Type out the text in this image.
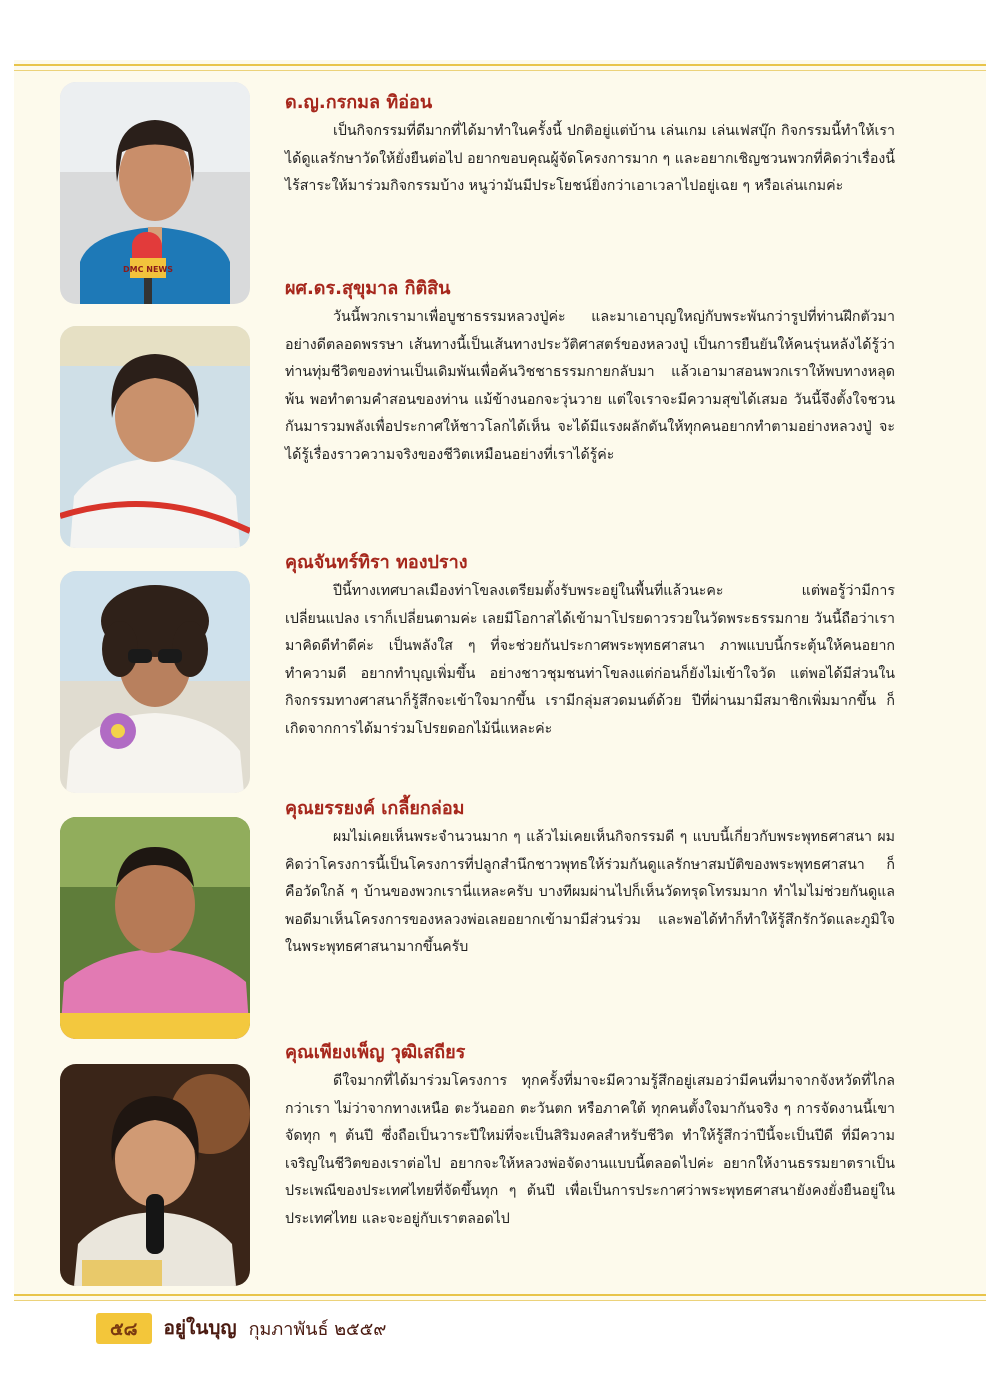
DMC NEWS

ด.ญ.กรกมล ทิอ่อน

เป็นกิจกรรมที่ดีมากที่ได้มาทำในครั้งนี้ ปกติอยู่แต่บ้าน เล่นเกม เล่นเฟสบุ๊ก กิจกรรมนี้ทำให้เราได้ดูแลรักษาวัดให้ยั่งยืนต่อไป อยากขอบคุณผู้จัดโครงการมาก ๆ และอยากเชิญชวนพวกที่คิดว่าเรื่องนี้ไร้สาระให้มาร่วมกิจกรรมบ้าง หนูว่ามันมีประโยชน์ยิ่งกว่าเอาเวลาไปอยู่เฉย ๆ หรือเล่นเกมค่ะ

ผศ.ดร.สุขุมาล กิติสิน

วันนี้พวกเรามาเพื่อบูชาธรรมหลวงปู่ค่ะ และมาเอาบุญใหญ่กับพระพันกว่ารูปที่ท่านฝึกตัวมาอย่างดีตลอดพรรษา เส้นทางนี้เป็นเส้นทางประวัติศาสตร์ของหลวงปู่ เป็นการยืนยันให้คนรุ่นหลังได้รู้ว่าท่านทุ่มชีวิตของท่านเป็นเดิมพันเพื่อค้นวิชชาธรรมกายกลับมา แล้วเอามาสอนพวกเราให้พบทางหลุดพ้น พอทำตามคำสอนของท่าน แม้ข้างนอกจะวุ่นวาย แต่ใจเราจะมีความสุขได้เสมอ วันนี้จึงตั้งใจชวนกันมารวมพลังเพื่อประกาศให้ชาวโลกได้เห็น จะได้มีแรงผลักดันให้ทุกคนอยากทำตามอย่างหลวงปู่ จะได้รู้เรื่องราวความจริงของชีวิตเหมือนอย่างที่เราได้รู้ค่ะ

คุณจันทร์ทิรา ทองปราง

ปีนี้ทางเทศบาลเมืองท่าโขลงเตรียมตั้งรับพระอยู่ในพื้นที่แล้วนะคะ แต่พอรู้ว่ามีการเปลี่ยนแปลง เราก็เปลี่ยนตามค่ะ เลยมีโอกาสได้เข้ามาโปรยดาวรวยในวัดพระธรรมกาย วันนี้ถือว่าเรามาคิดดีทำดีค่ะ เป็นพลังใส ๆ ที่จะช่วยกันประกาศพระพุทธศาสนา ภาพแบบนี้กระตุ้นให้คนอยากทำความดี อยากทำบุญเพิ่มขึ้น อย่างชาวชุมชนท่าโขลงแต่ก่อนก็ยังไม่เข้าใจวัด แต่พอได้มีส่วนในกิจกรรมทางศาสนาก็รู้สึกจะเข้าใจมากขึ้น เรามีกลุ่มสวดมนต์ด้วย ปีที่ผ่านมามีสมาชิกเพิ่มมากขึ้น ก็เกิดจากการได้มาร่วมโปรยดอกไม้นี่แหละค่ะ

คุณยรรยงค์ เกลี้ยกล่อม

ผมไม่เคยเห็นพระจำนวนมาก ๆ แล้วไม่เคยเห็นกิจกรรมดี ๆ แบบนี้เกี่ยวกับพระพุทธศาสนา ผมคิดว่าโครงการนี้เป็นโครงการที่ปลูกสำนึกชาวพุทธให้ร่วมกันดูแลรักษาสมบัติของพระพุทธศาสนา ก็คือวัดใกล้ ๆ บ้านของพวกเรานี่แหละครับ บางทีผมผ่านไปก็เห็นวัดทรุดโทรมมาก ทำไมไม่ช่วยกันดูแล พอดีมาเห็นโครงการของหลวงพ่อเลยอยากเข้ามามีส่วนร่วม และพอได้ทำก็ทำให้รู้สึกรักวัดและภูมิใจในพระพุทธศาสนามากขึ้นครับ

คุณเพียงเพ็ญ วุฒิเสถียร

ดีใจมากที่ได้มาร่วมโครงการ ทุกครั้งที่มาจะมีความรู้สึกอยู่เสมอว่ามีคนที่มาจากจังหวัดที่ไกลกว่าเรา ไม่ว่าจากทางเหนือ ตะวันออก ตะวันตก หรือภาคใต้ ทุกคนตั้งใจมากันจริง ๆ การจัดงานนี้เขาจัดทุก ๆ ต้นปี ซึ่งถือเป็นวาระปีใหม่ที่จะเป็นสิริมงคลสำหรับชีวิต ทำให้รู้สึกว่าปีนี้จะเป็นปีดี ที่มีความเจริญในชีวิตของเราต่อไป อยากจะให้หลวงพ่อจัดงานแบบนี้ตลอดไปค่ะ อยากให้งานธรรมยาตราเป็นประเพณีของประเทศไทยที่จัดขึ้นทุก ๆ ต้นปี เพื่อเป็นการประกาศว่าพระพุทธศาสนายังคงยั่งยืนอยู่ในประเทศไทย และจะอยู่กับเราตลอดไป

๕๘	อยู่ในบุญ กุมภาพันธ์ ๒๕๕๙
